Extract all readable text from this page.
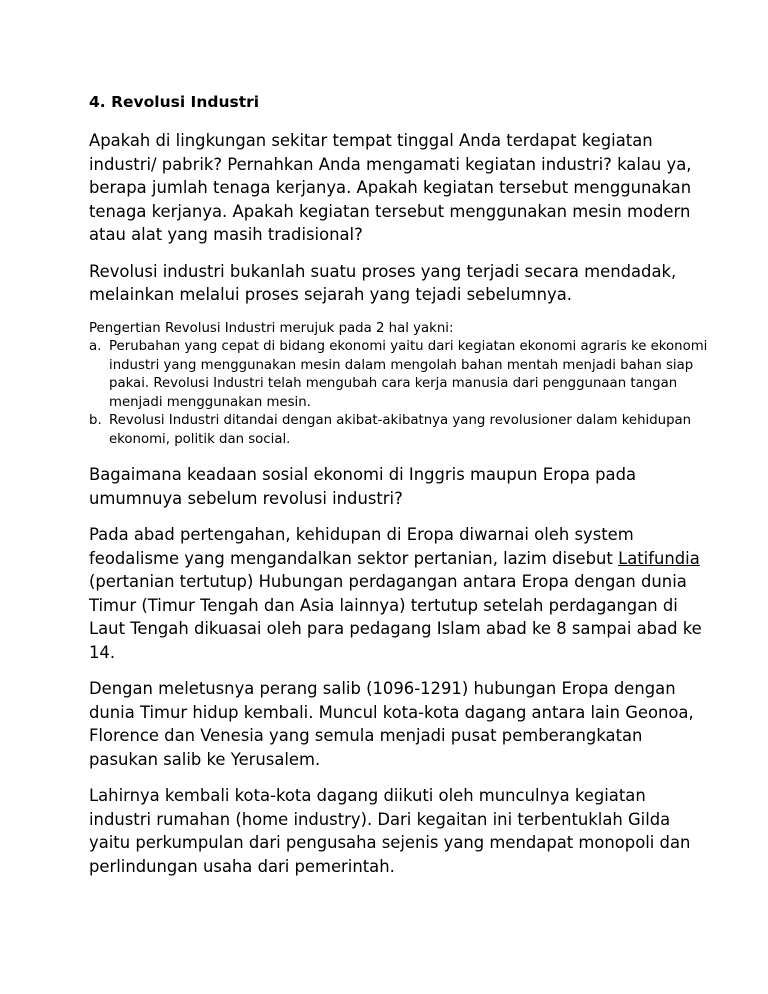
4. Revolusi Industri

Apakah di lingkungan sekitar tempat tinggal Anda terdapat kegiatan industri/ pabrik? Pernahkan Anda mengamati kegiatan industri? kalau ya, berapa jumlah tenaga kerjanya. Apakah kegiatan tersebut menggunakan tenaga kerjanya. Apakah kegiatan tersebut menggunakan mesin modern atau alat yang masih tradisional?

Revolusi industri bukanlah suatu proses yang terjadi secara mendadak, melainkan melalui proses sejarah yang tejadi sebelumnya.

Pengertian Revolusi Industri merujuk pada 2 hal yakni:

a. Perubahan yang cepat di bidang ekonomi yaitu dari kegiatan ekonomi agraris ke ekonomi industri yang menggunakan mesin dalam mengolah bahan mentah menjadi bahan siap pakai. Revolusi Industri telah mengubah cara kerja manusia dari penggunaan tangan menjadi menggunakan mesin.
b. Revolusi Industri ditandai dengan akibat-akibatnya yang revolusioner dalam kehidupan ekonomi, politik dan social.

Bagaimana keadaan sosial ekonomi di Inggris maupun Eropa pada umumnuya sebelum revolusi industri?

Pada abad pertengahan, kehidupan di Eropa diwarnai oleh system feodalisme yang mengandalkan sektor pertanian, lazim disebut Latifundia (pertanian tertutup) Hubungan perdagangan antara Eropa dengan dunia Timur (Timur Tengah dan Asia lainnya) tertutup setelah perdagangan di Laut Tengah dikuasai oleh para pedagang Islam abad ke 8 sampai abad ke 14.

Dengan meletusnya perang salib (1096-1291) hubungan Eropa dengan dunia Timur hidup kembali. Muncul kota-kota dagang antara lain Geonoa, Florence dan Venesia yang semula menjadi pusat pemberangkatan pasukan salib ke Yerusalem.

Lahirnya kembali kota-kota dagang diikuti oleh munculnya kegiatan industri rumahan (home industry). Dari kegaitan ini terbentuklah Gilda yaitu perkumpulan dari pengusaha sejenis yang mendapat monopoli dan perlindungan usaha dari pemerintah.
